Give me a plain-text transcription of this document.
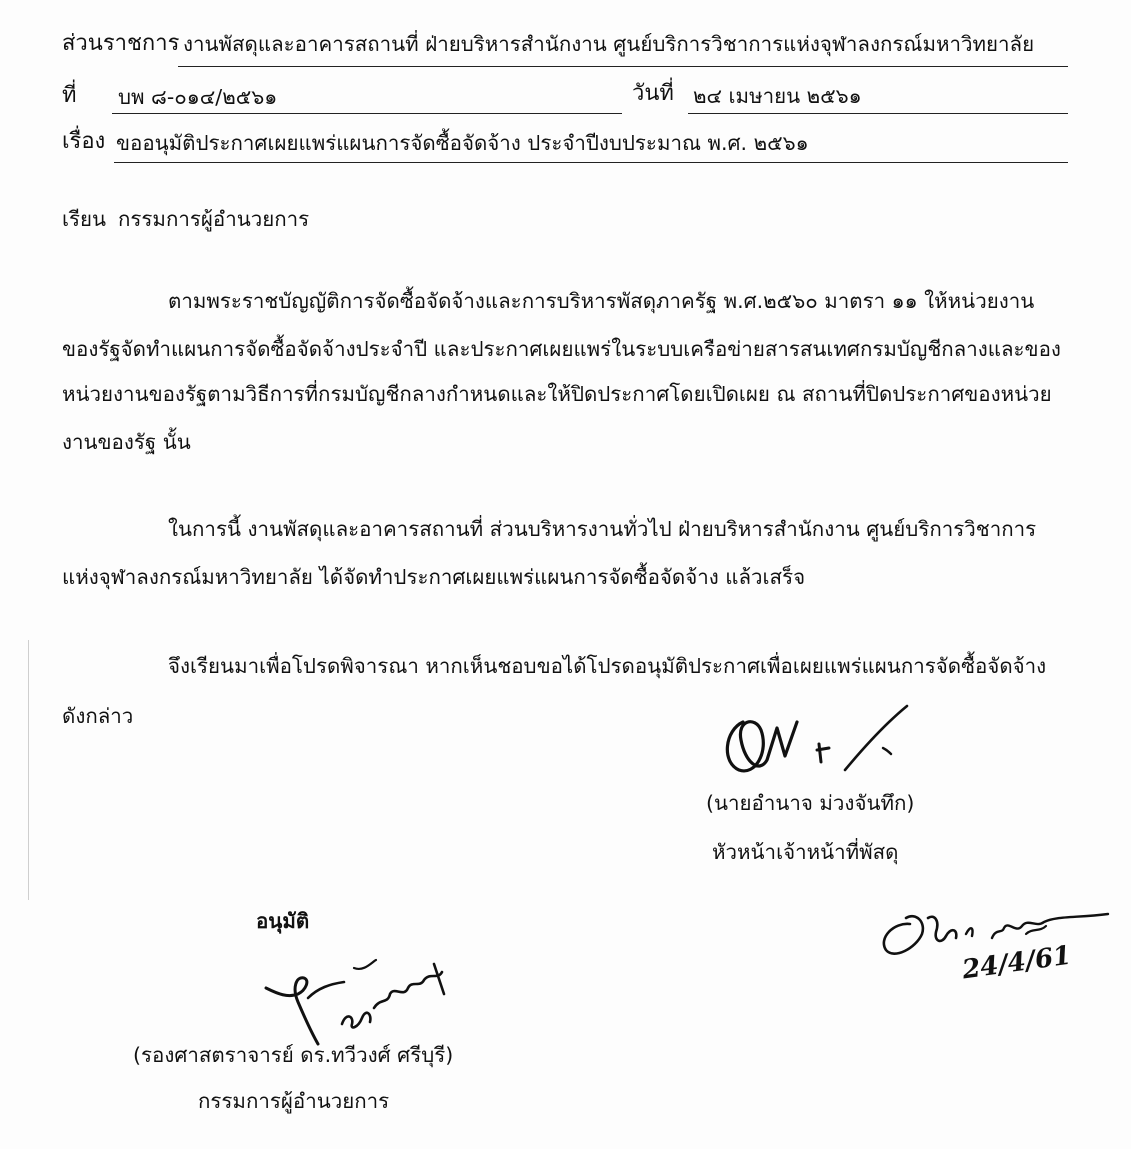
ส่วนราชการ งานพัสดุและอาคารสถานที่ ฝ่ายบริหารสำนักงาน ศูนย์บริการวิชาการแห่งจุฬาลงกรณ์มหาวิทยาลัย
ที่ บพ ๘-๐๑๔/๒๕๖๑	วันที่ ๒๔ เมษายน ๒๕๖๑
เรื่อง ขออนุมัติประกาศเผยแพร่แผนการจัดซื้อจัดจ้าง ประจำปีงบประมาณ พ.ศ. ๒๕๖๑
เรียน กรรมการผู้อำนวยการ
ตามพระราชบัญญัติการจัดซื้อจัดจ้างและการบริหารพัสดุภาครัฐ พ.ศ.๒๕๖๐ มาตรา ๑๑ ให้หน่วยงาน
ของรัฐจัดทำแผนการจัดซื้อจัดจ้างประจำปี และประกาศเผยแพร่ในระบบเครือข่ายสารสนเทศกรมบัญชีกลางและของ
หน่วยงานของรัฐตามวิธีการที่กรมบัญชีกลางกำหนดและให้ปิดประกาศโดยเปิดเผย ณ สถานที่ปิดประกาศของหน่วย
งานของรัฐ นั้น
ในการนี้ งานพัสดุและอาคารสถานที่ ส่วนบริหารงานทั่วไป ฝ่ายบริหารสำนักงาน ศูนย์บริการวิชาการ
แห่งจุฬาลงกรณ์มหาวิทยาลัย ได้จัดทำประกาศเผยแพร่แผนการจัดซื้อจัดจ้าง แล้วเสร็จ
จึงเรียนมาเพื่อโปรดพิจารณา หากเห็นชอบขอได้โปรดอนุมัติประกาศเพื่อเผยแพร่แผนการจัดซื้อจัดจ้าง
ดังกล่าว
(นายอำนาจ ม่วงจันทึก)
หัวหน้าเจ้าหน้าที่พัสดุ
24/4/61
อนุมัติ
(รองศาสตราจารย์ ดร.ทวีวงศ์ ศรีบุรี)
กรรมการผู้อำนวยการ
